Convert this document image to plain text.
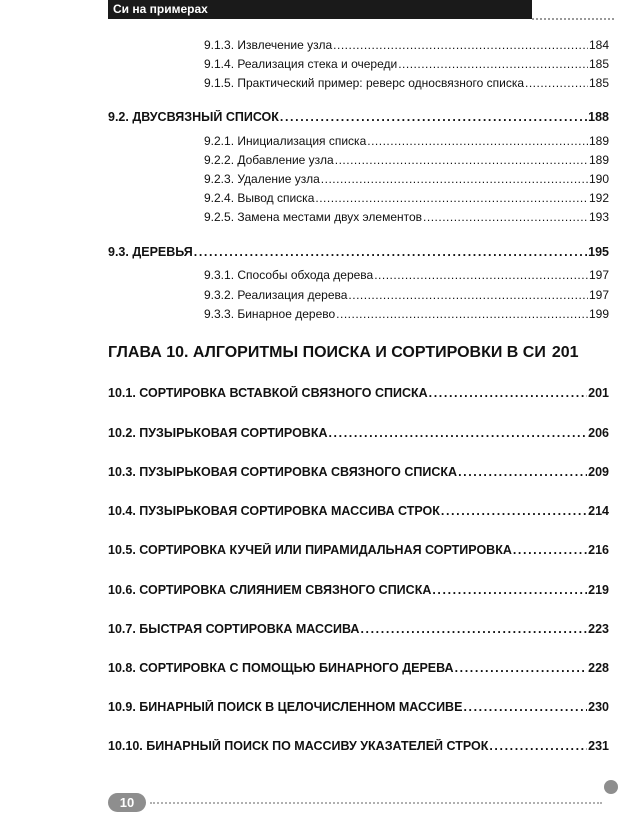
Си на примерах
9.1.3. Извлечение узла .....	184
9.1.4. Реализация стека и очереди .....	185
9.1.5. Практический пример: реверс односвязного списка .....	185
9.2. ДВУСВЯЗНЫЙ СПИСОК .....	188
9.2.1. Инициализация списка .....	189
9.2.2. Добавление узла .....	189
9.2.3. Удаление узла .....	190
9.2.4. Вывод списка .....	192
9.2.5. Замена местами двух элементов .....	193
9.3. ДЕРЕВЬЯ .....	195
9.3.1. Способы обхода дерева .....	197
9.3.2. Реализация дерева .....	197
9.3.3. Бинарное дерево .....	199
ГЛАВА 10. АЛГОРИТМЫ ПОИСКА И СОРТИРОВКИ В СИ 201
10.1. СОРТИРОВКА ВСТАВКОЙ СВЯЗНОГО СПИСКА .....	201
10.2. ПУЗЫРЬКОВАЯ СОРТИРОВКА .....	206
10.3. ПУЗЫРЬКОВАЯ СОРТИРОВКА СВЯЗНОГО СПИСКА .....	209
10.4. ПУЗЫРЬКОВАЯ СОРТИРОВКА МАССИВА СТРОК .....	214
10.5. СОРТИРОВКА КУЧЕЙ ИЛИ ПИРАМИДАЛЬНАЯ СОРТИРОВКА .....	216
10.6. СОРТИРОВКА СЛИЯНИЕМ СВЯЗНОГО СПИСКА .....	219
10.7. БЫСТРАЯ СОРТИРОВКА МАССИВА .....	223
10.8. СОРТИРОВКА С ПОМОЩЬЮ БИНАРНОГО ДЕРЕВА .....	228
10.9. БИНАРНЫЙ ПОИСК В ЦЕЛОЧИСЛЕННОМ МАССИВЕ .....	230
10.10. БИНАРНЫЙ ПОИСК ПО МАССИВУ УКАЗАТЕЛЕЙ СТРОК .....	231
10
